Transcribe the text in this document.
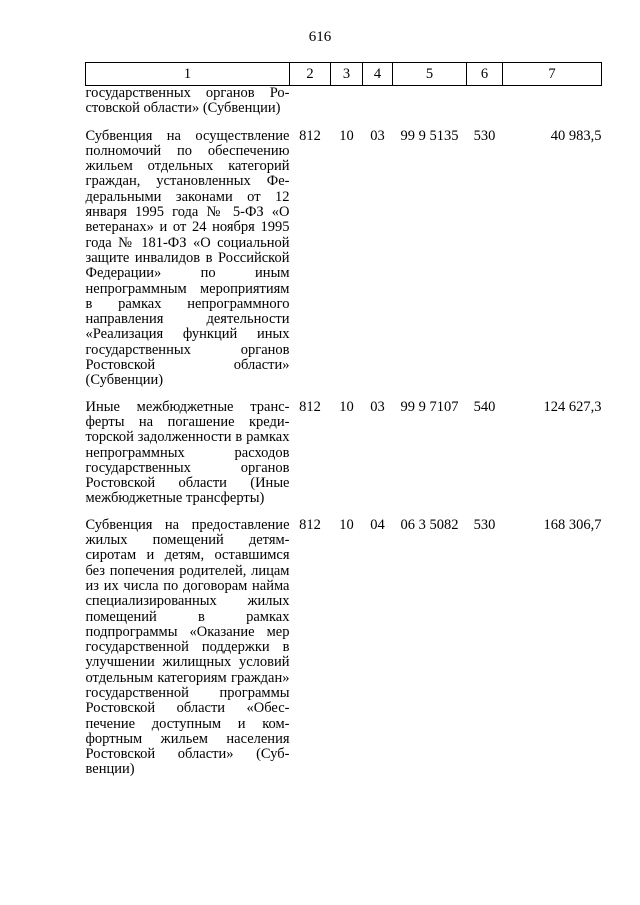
616
1	2	3	4	5	6	7
государственных органов Ростовской области» (Субвенции)						
Субвенция на осуществление полномочий по обеспечению жильем отдельных категорий граждан, установленных Федеральными законами от 12 января 1995 года № 5-ФЗ «О ветеранах» и от 24 ноября 1995 года № 181-ФЗ «О социальной защите инвалидов в Российской Федерации» по иным непрограммным мероприятиям в рамках непрограммного направления деятельности «Реализация функций иных государственных органов Ростовской области» (Субвенции)	812	10	03	99 9 5135	530	40 983,5
Иные межбюджетные трансферты на погашение кредиторской задолженности в рамках непрограммных расходов государственных органов Ростовской области (Иные межбюджетные трансферты)	812	10	03	99 9 7107	540	124 627,3
Субвенция на предоставление жилых помещений детям-сиротам и детям, оставшимся без попечения родителей, лицам из их числа по договорам найма специализированных жилых помещений в рамках подпрограммы «Оказание мер государственной поддержки в улучшении жилищных условий отдельным категориям граждан» государственной программы Ростовской области «Обеспечение доступным и комфортным жильем населения Ростовской области» (Субвенции)	812	10	04	06 3 5082	530	168 306,7
